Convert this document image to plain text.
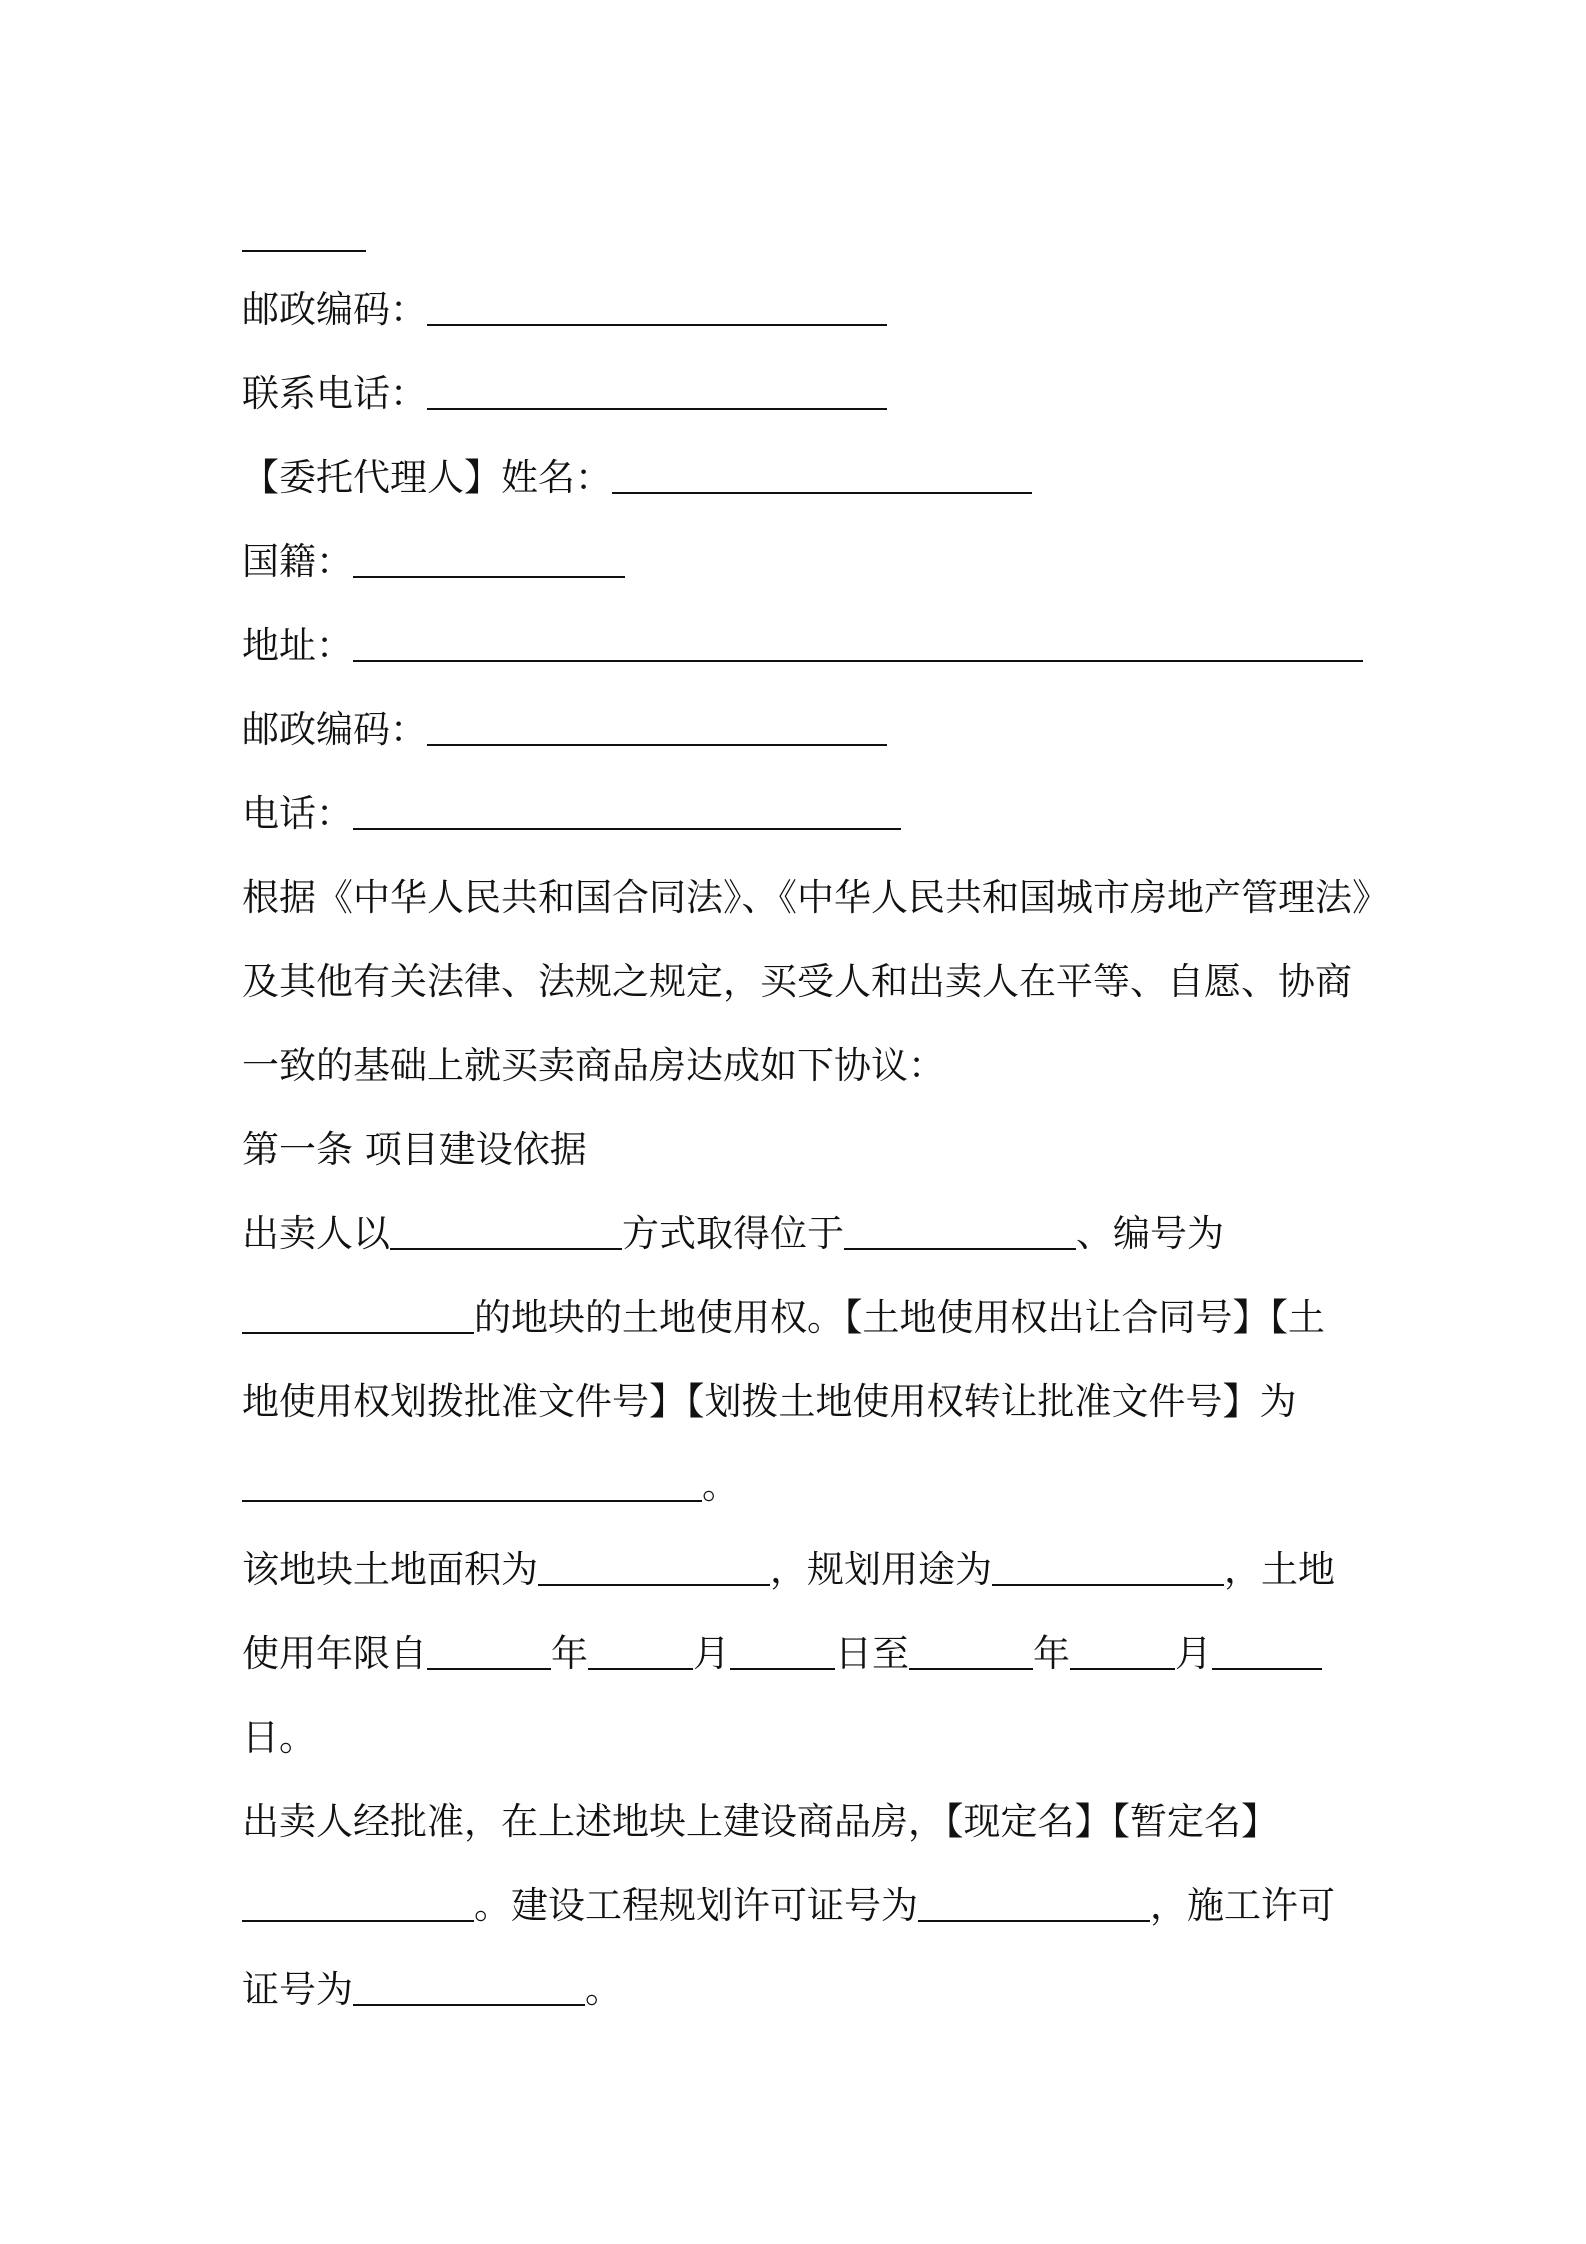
邮政编码：
联系电话：
【委托代理人】姓名：
国籍：
地址：
邮政编码：
电话：
根据《中华人民共和国合同法》、《中华人民共和国城市房地产管理法》
及其他有关法律、法规之规定，买受人和出卖人在平等、自愿、协商
一致的基础上就买卖商品房达成如下协议：
第一条 项目建设依据
出卖人以	方式取得位于	、编号为
的地块的土地使用权。【土地使用权出让合同号】【土
地使用权划拨批准文件号】【划拨土地使用权转让批准文件号】为
。
该地块土地面积为	，规划用途为	，土地
使用年限自	年	月	日至	年	月
日。
出卖人经批准，在上述地块上建设商品房，【现定名】【暂定名】
。建设工程规划许可证号为	，施工许可
证号为	。
